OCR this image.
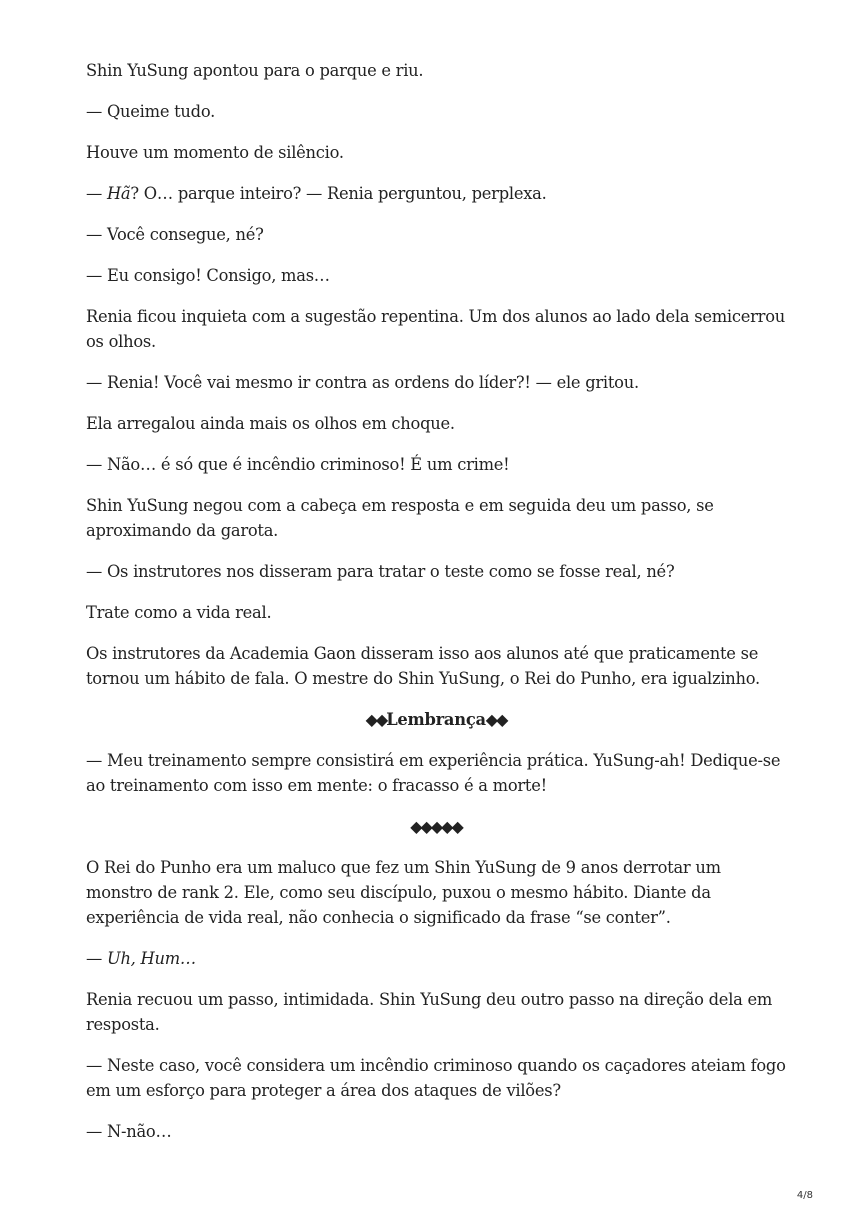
Shin YuSung apontou para o parque e riu.

— Queime tudo.

Houve um momento de silêncio.

— Hã? O… parque inteiro? — Renia perguntou, perplexa.

— Você consegue, né?

— Eu consigo! Consigo, mas…

Renia ficou inquieta com a sugestão repentina. Um dos alunos ao lado dela semicerrou os olhos.

— Renia! Você vai mesmo ir contra as ordens do líder?! — ele gritou.

Ela arregalou ainda mais os olhos em choque.

— Não… é só que é incêndio criminoso! É um crime!

Shin YuSung negou com a cabeça em resposta e em seguida deu um passo, se aproximando da garota.

— Os instrutores nos disseram para tratar o teste como se fosse real, né?

Trate como a vida real.

Os instrutores da Academia Gaon disseram isso aos alunos até que praticamente se tornou um hábito de fala. O mestre do Shin YuSung, o Rei do Punho, era igualzinho.

◆◆Lembrança◆◆

— Meu treinamento sempre consistirá em experiência prática. YuSung-ah! Dedique-se ao treinamento com isso em mente: o fracasso é a morte!

◆◆◆◆◆

O Rei do Punho era um maluco que fez um Shin YuSung de 9 anos derrotar um monstro de rank 2. Ele, como seu discípulo, puxou o mesmo hábito. Diante da experiência de vida real, não conhecia o significado da frase “se conter”.

— Uh, Hum…

Renia recuou um passo, intimidada. Shin YuSung deu outro passo na direção dela em resposta.

— Neste caso, você considera um incêndio criminoso quando os caçadores ateiam fogo em um esforço para proteger a área dos ataques de vilões?

— N-não…

4/8
